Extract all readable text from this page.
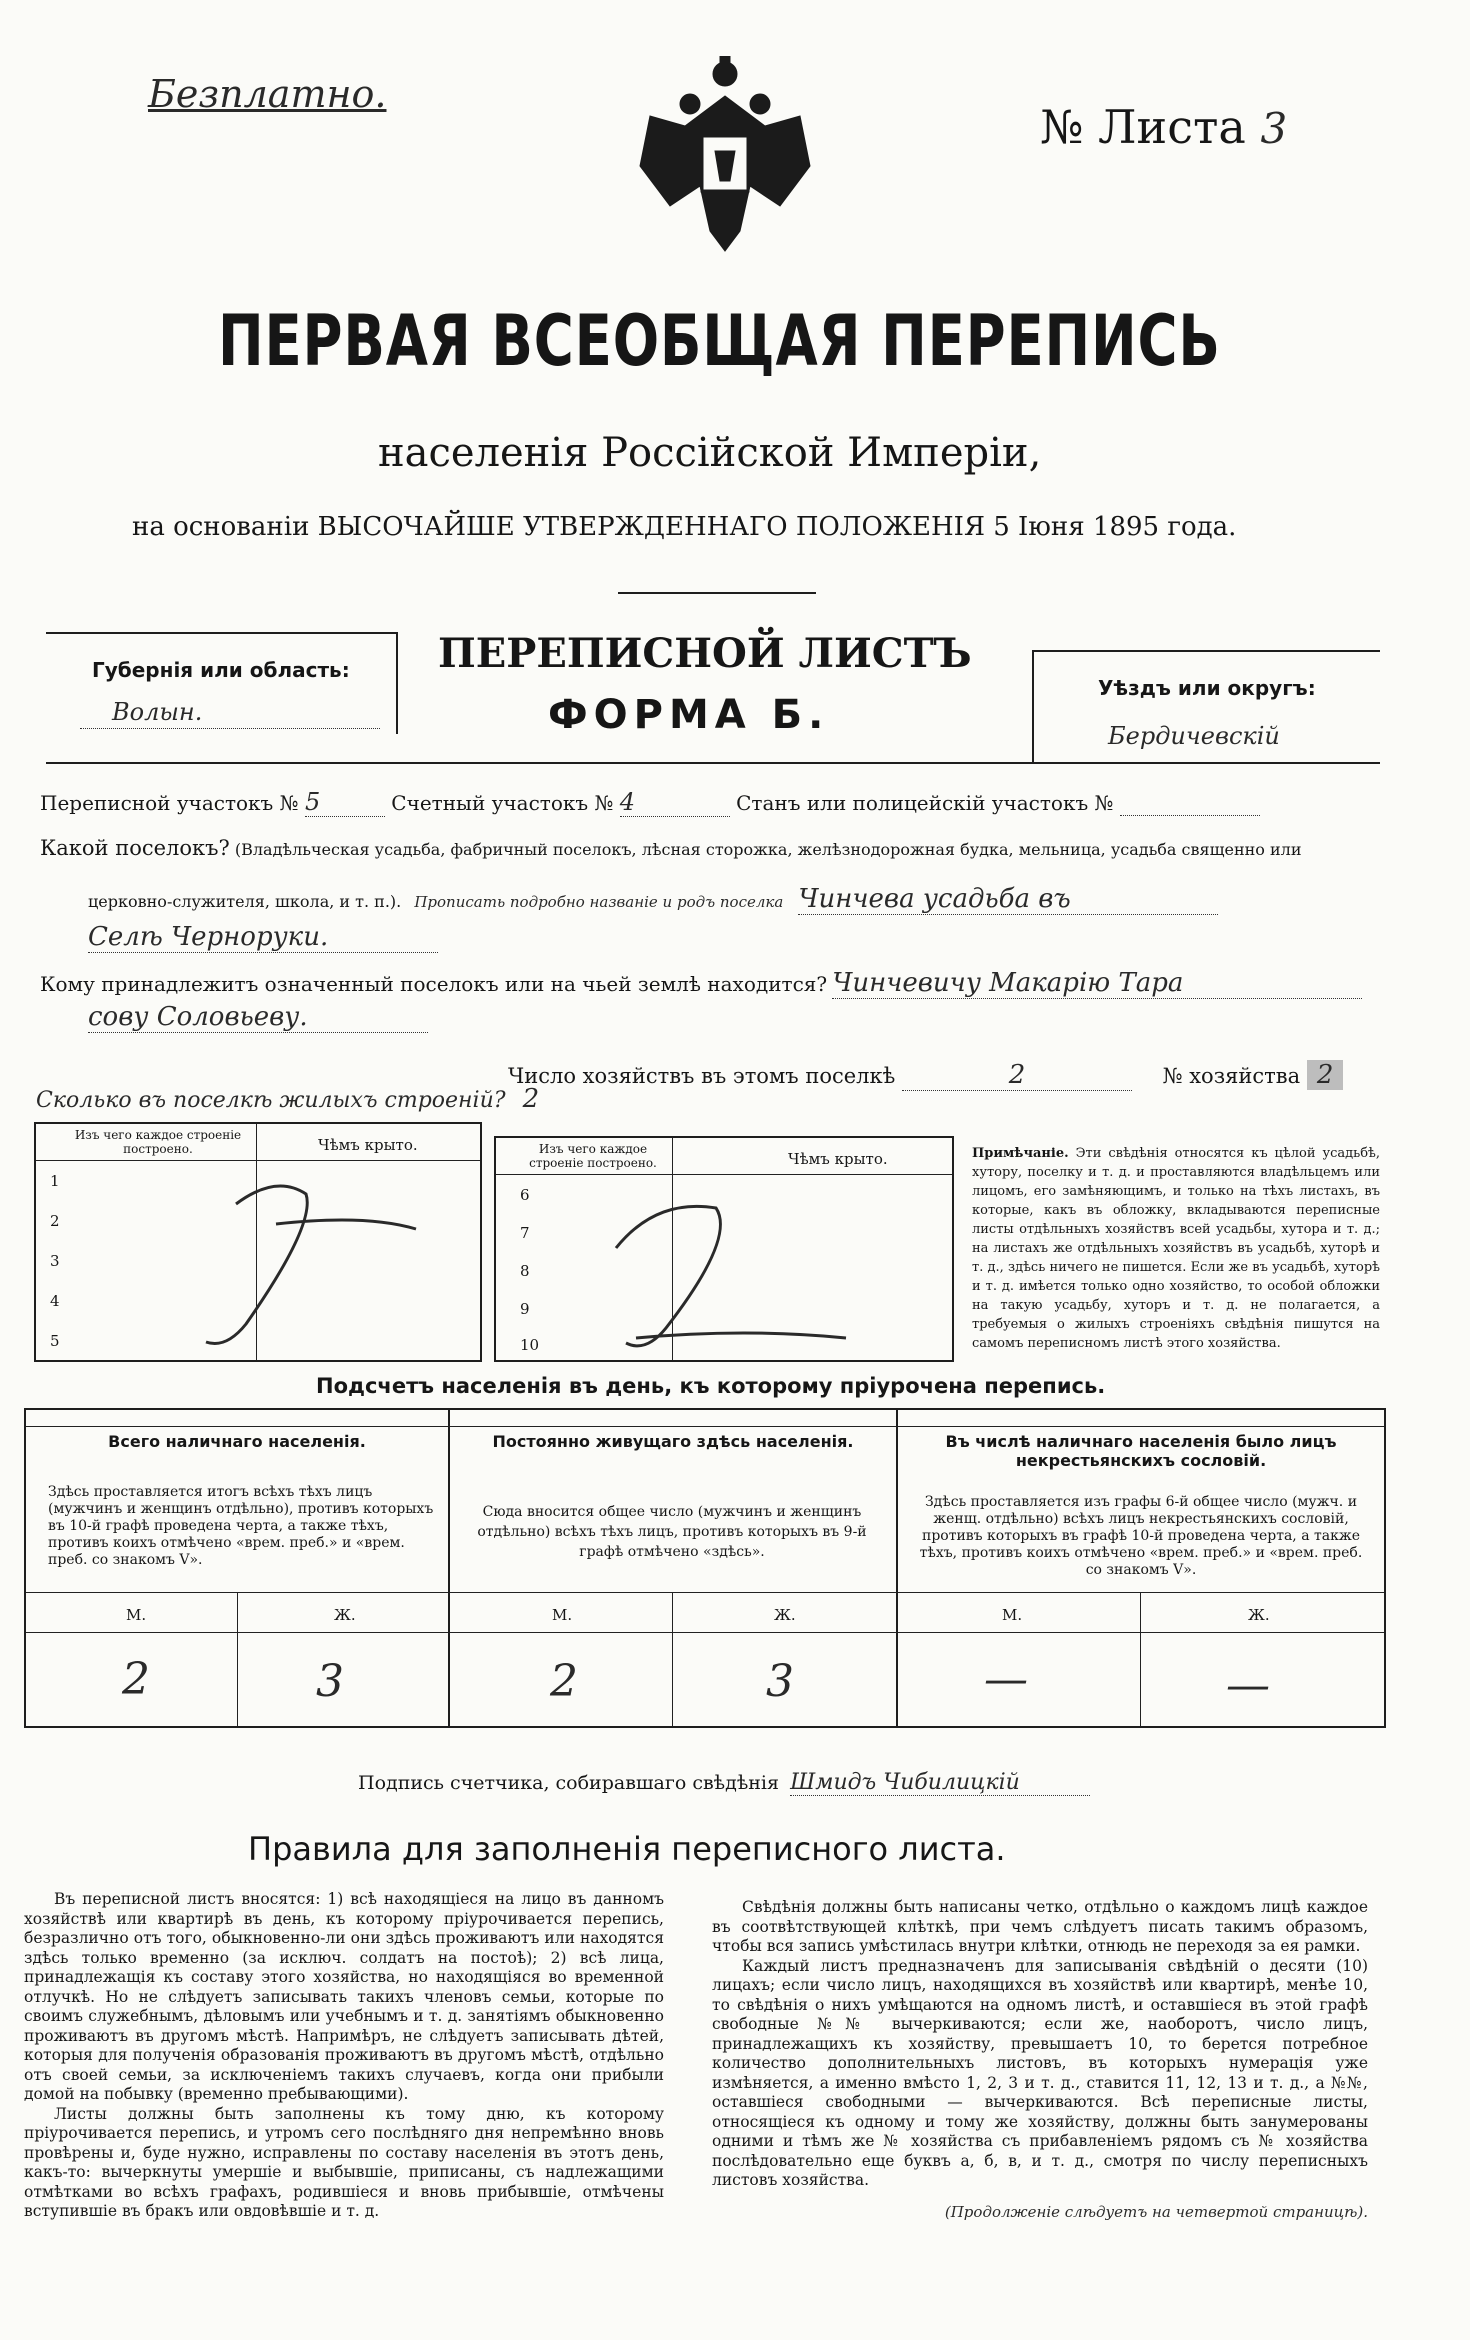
Безплатно.
№ Листа 3
ПЕРВАЯ ВСЕОБЩАЯ ПЕРЕПИСЬ
населенія Россійской Имперіи,
на основаніи ВЫСОЧАЙШЕ УТВЕРЖДЕННАГО ПОЛОЖЕНІЯ 5 Іюня 1895 года.
Губернія или область:
Волын.
ПЕРЕПИСНОЙ ЛИСТЪ
ФОРМА Б.
Уѣздъ или округъ:
Бердичевскій
Переписной участокъ № 5	Счетный участокъ № 4	Станъ или полицейскій участокъ №
Какой поселокъ? (Владѣльческая усадьба, фабричный поселокъ, лѣсная сторожка, желѣзнодорожная будка, мельница, усадьба священно или
церковно-служителя, школа, и т. п.). Прописать подробно названіе и родъ поселка Чинчева усадьба въ
Селѣ Черноруки.
Кому принадлежитъ означенный поселокъ или на чьей землѣ находится? Чинчевичу Макарію Тара
сову Соловьеву.
Число хозяйствъ въ этомъ поселкѣ	2	№ хозяйства 2
Сколько въ поселкѣ жилыхъ строеній? 2
Изъ чего каждое строеніе построено.	Чѣмъ крыто.
1
2
3
4
5
Изъ чего каждое строеніе построено.	Чѣмъ крыто.
6
7
8
9
10
Примѣчаніе. Эти свѣдѣнія относятся къ цѣлой усадьбѣ, хутору, поселку и т. д. и проставляются владѣльцемъ или лицомъ, его замѣняющимъ, и только на тѣхъ листахъ, въ которые, какъ въ обложку, вкладываются переписные листы отдѣльныхъ хозяйствъ всей усадьбы, хутора и т. д.; на листахъ же отдѣльныхъ хозяйствъ въ усадьбѣ, хуторѣ и т. д., здѣсь ничего не пишется. Если же въ усадьбѣ, хуторѣ и т. д. имѣется только одно хозяйство, то особой обложки на такую усадьбу, хуторъ и т. д. не полагается, а требуемыя о жилыхъ строеніяхъ свѣдѣнія пишутся на самомъ переписномъ листѣ этого хозяйства.
Подсчетъ населенія въ день, къ которому пріурочена перепись.
Всего наличнаго населенія.
Здѣсь проставляется итогъ всѣхъ тѣхъ лицъ (мужчинъ и женщинъ отдѣльно), противъ которыхъ въ 10-й графѣ проведена черта, а также тѣхъ, противъ коихъ отмѣчено «врем. преб.» и «врем. преб. со знакомъ V».
Постоянно живущаго здѣсь населенія.
Сюда вносится общее число (мужчинъ и женщинъ отдѣльно) всѣхъ тѣхъ лицъ, противъ которыхъ въ 9-й графѣ отмѣчено «здѣсь».
Въ числѣ наличнаго населенія было лицъ некрестьянскихъ сословій.
Здѣсь проставляется изъ графы 6-й общее число (мужч. и женщ. отдѣльно) всѣхъ лицъ некрестьянскихъ сословій, противъ которыхъ въ графѣ 10-й проведена черта, а также тѣхъ, противъ коихъ отмѣчено «врем. преб.» и «врем. преб. со знакомъ V».
М.	Ж.	М.	Ж.	М.	Ж.
2	3	2	3	—	—
Подпись счетчика, собиравшаго свѣдѣнія Шмидъ Чибилицкій
Правила для заполненія переписного листа.

Въ переписной листъ вносятся: 1) всѣ находящіеся на лицо въ данномъ хозяйствѣ или квартирѣ въ день, къ которому пріурочивается перепись, безразлично отъ того, обыкновенно-ли они здѣсь проживаютъ или находятся здѣсь только временно (за исключ. солдатъ на постоѣ); 2) всѣ лица, принадлежащія къ составу этого хозяйства, но находящіяся во временной отлучкѣ. Но не слѣдуетъ записывать такихъ членовъ семьи, которые по своимъ служебнымъ, дѣловымъ или учебнымъ и т. д. занятіямъ обыкновенно проживаютъ въ другомъ мѣстѣ. Напримѣръ, не слѣдуетъ записывать дѣтей, которыя для полученія образованія проживаютъ въ другомъ мѣстѣ, отдѣльно отъ своей семьи, за исключеніемъ такихъ случаевъ, когда они прибыли домой на побывку (временно пребывающими).

Листы должны быть заполнены къ тому дню, къ которому пріурочивается перепись, и утромъ сего послѣдняго дня непремѣнно вновь провѣрены и, буде нужно, исправлены по составу населенія въ этотъ день, какъ-то: вычеркнуты умершіе и выбывшіе, приписаны, съ надлежащими отмѣтками во всѣхъ графахъ, родившіеся и вновь прибывшіе, отмѣчены вступившіе въ бракъ или овдовѣвшіе и т. д.

Свѣдѣнія должны быть написаны четко, отдѣльно о каждомъ лицѣ каждое въ соотвѣтствующей клѣткѣ, при чемъ слѣдуетъ писать такимъ образомъ, чтобы вся запись умѣстилась внутри клѣтки, отнюдь не переходя за ея рамки.

Каждый листъ предназначенъ для записыванія свѣдѣній о десяти (10) лицахъ; если число лицъ, находящихся въ хозяйствѣ или квартирѣ, менѣе 10, то свѣдѣнія о нихъ умѣщаются на одномъ листѣ, и оставшіеся въ этой графѣ свободные №№ вычеркиваются; если же, наоборотъ, число лицъ, принадлежащихъ къ хозяйству, превышаетъ 10, то берется потребное количество дополнительныхъ листовъ, въ которыхъ нумерація уже измѣняется, а именно вмѣсто 1, 2, 3 и т. д., ставится 11, 12, 13 и т. д., а №№, оставшіеся свободными — вычеркиваются. Всѣ переписные листы, относящіеся къ одному и тому же хозяйству, должны быть занумерованы одними и тѣмъ же № хозяйства съ прибавленіемъ рядомъ съ № хозяйства послѣдовательно еще буквъ а, б, в, и т. д., смотря по числу переписныхъ листовъ хозяйства.

(Продолженіе слѣдуетъ на четвертой страницѣ).
